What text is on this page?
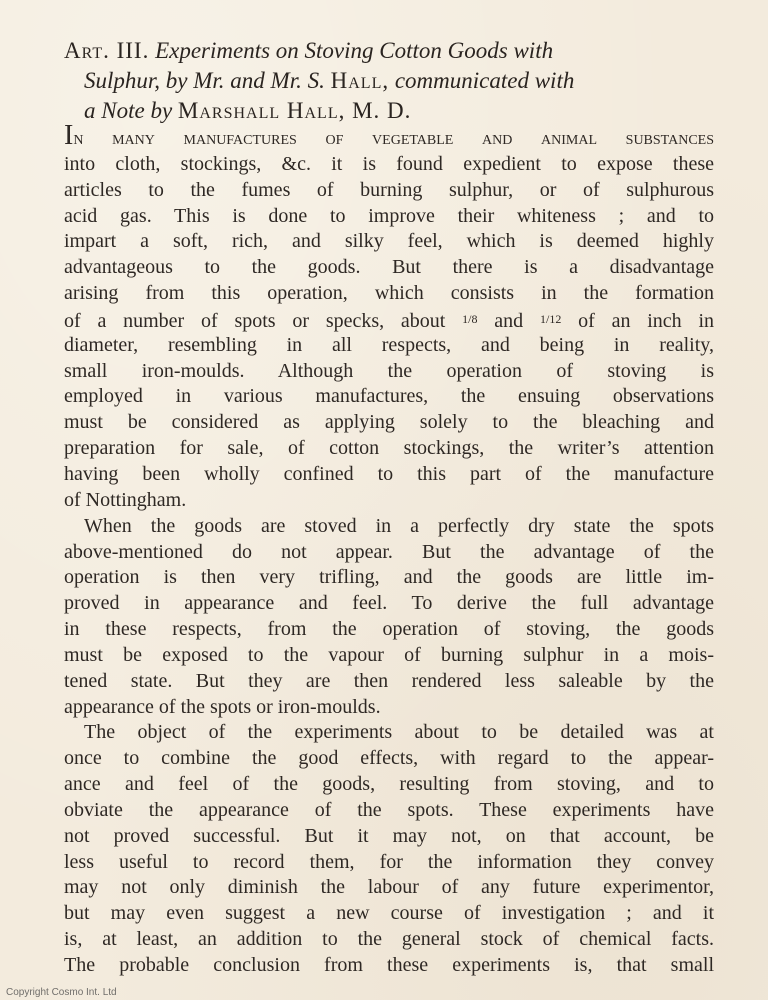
Art. III. Experiments on Stoving Cotton Goods with
Sulphur, by Mr. and Mr. S. Hall, communicated with
a Note by Marshall Hall, M. D.
In many manufactures of vegetable and animal substances
into cloth, stockings, &c. it is found expedient to expose these
articles to the fumes of burning sulphur, or of sulphurous
acid gas. This is done to improve their whiteness ; and to
impart a soft, rich, and silky feel, which is deemed highly
advantageous to the goods. But there is a disadvantage
arising from this operation, which consists in the formation
of a number of spots or specks, about $^{1/8}$ and $^{1/12}$ of an inch in
diameter, resembling in all respects, and being in reality,
small iron-moulds. Although the operation of stoving is
employed in various manufactures, the ensuing observations
must be considered as applying solely to the bleaching and
preparation for sale, of cotton stockings, the writer’s attention
having been wholly confined to this part of the manufacture
of Nottingham.
When the goods are stoved in a perfectly dry state the spots
above-mentioned do not appear. But the advantage of the
operation is then very trifling, and the goods are little im-
proved in appearance and feel. To derive the full advantage
in these respects, from the operation of stoving, the goods
must be exposed to the vapour of burning sulphur in a mois-
tened state. But they are then rendered less saleable by the
appearance of the spots or iron-moulds.
The object of the experiments about to be detailed was at
once to combine the good effects, with regard to the appear-
ance and feel of the goods, resulting from stoving, and to
obviate the appearance of the spots. These experiments have
not proved successful. But it may not, on that account, be
less useful to record them, for the information they convey
may not only diminish the labour of any future experimentor,
but may even suggest a new course of investigation ; and it
is, at least, an addition to the general stock of chemical facts.
The probable conclusion from these experiments is, that small
Copyright Cosmo Int. Ltd
